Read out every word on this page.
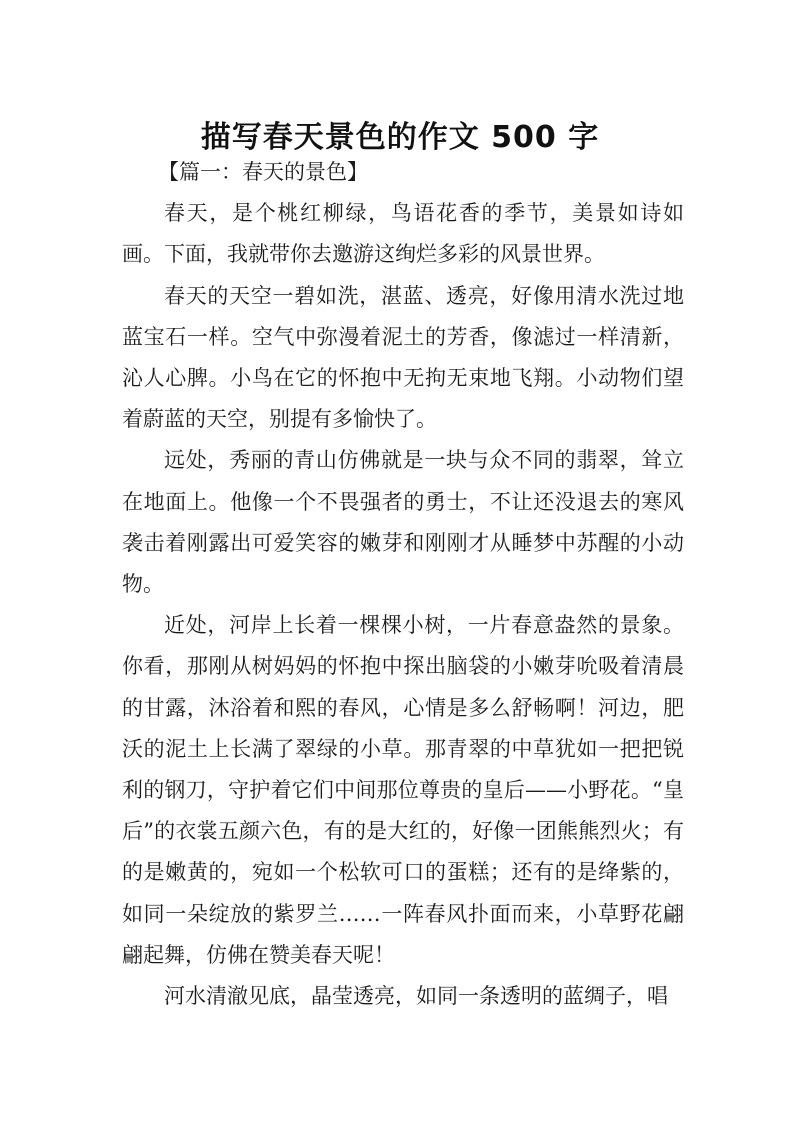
描写春天景色的作文 500 字

【篇一：春天的景色】

春天，是个桃红柳绿，鸟语花香的季节，美景如诗如画。下面，我就带你去邀游这绚烂多彩的风景世界。

春天的天空一碧如洗，湛蓝、透亮，好像用清水洗过地蓝宝石一样。空气中弥漫着泥土的芳香，像滤过一样清新，沁人心脾。小鸟在它的怀抱中无拘无束地飞翔。小动物们望着蔚蓝的天空，别提有多愉快了。

远处，秀丽的青山仿佛就是一块与众不同的翡翠，耸立在地面上。他像一个不畏强者的勇士，不让还没退去的寒风袭击着刚露出可爱笑容的嫩芽和刚刚才从睡梦中苏醒的小动物。

近处，河岸上长着一棵棵小树，一片春意盎然的景象。你看，那刚从树妈妈的怀抱中探出脑袋的小嫩芽吮吸着清晨的甘露，沐浴着和熙的春风，心情是多么舒畅啊！河边，肥沃的泥土上长满了翠绿的小草。那青翠的中草犹如一把把锐利的钢刀，守护着它们中间那位尊贵的皇后——小野花。“皇后”的衣裳五颜六色，有的是大红的，好像一团熊熊烈火；有的是嫩黄的，宛如一个松软可口的蛋糕；还有的是绛紫的，如同一朵绽放的紫罗兰……一阵春风扑面而来，小草野花翩翩起舞，仿佛在赞美春天呢！

河水清澈见底，晶莹透亮，如同一条透明的蓝绸子，唱
